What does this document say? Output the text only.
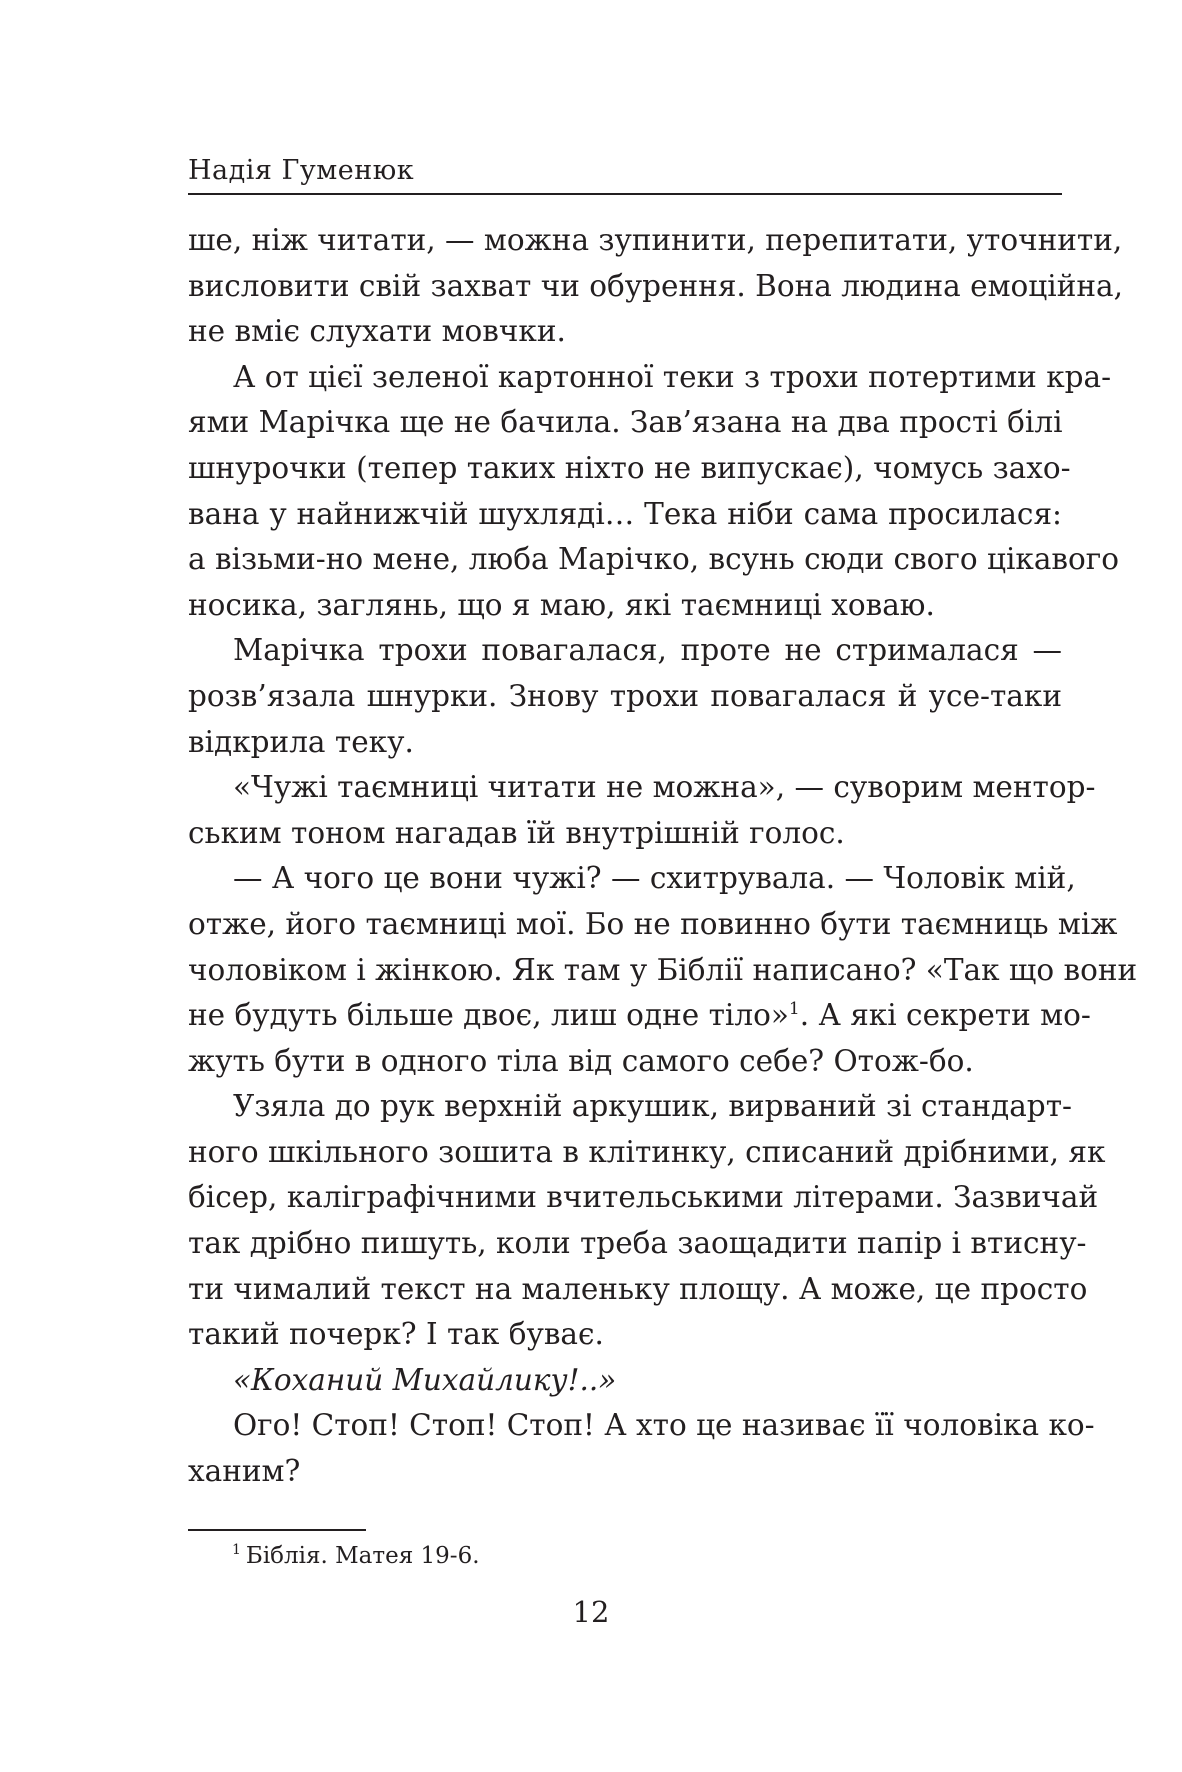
Надія Гуменюк
ше, ніж читати, — можна зупинити, перепитати, уточнити,
висловити свій захват чи обурення. Вона людина емоційна,
не вміє слухати мовчки.
А от цієї зеленої картонної теки з трохи потертими кра-
ями Марічка ще не бачила. Зав’язана на два прості білі
шнурочки (тепер таких ніхто не випускає), чомусь захо-
вана у найнижчій шухляді… Тека ніби сама просилася:
а візьми-но мене, люба Марічко, всунь сюди свого цікавого
носика, заглянь, що я маю, які таємниці ховаю.
Марічка трохи повагалася, проте не стрималася —
розв’язала шнурки. Знову трохи повагалася й усе-таки
відкрила теку.
«Чужі таємниці читати не можна», — суворим ментор-
ським тоном нагадав їй внутрішній голос.
— А чого це вони чужі? — схитрувала. — Чоловік мій,
отже, його таємниці мої. Бо не повинно бути таємниць між
чоловіком і жінкою. Як там у Біблії написано? «Так що вони
не будуть більше двоє, лиш одне тіло»$^1$. А які секрети мо-
жуть бути в одного тіла від самого себе? Отож-бо.
Узяла до рук верхній аркушик, вирваний зі стандарт-
ного шкільного зошита в клітинку, списаний дрібними, як
бісер, каліграфічними вчительськими літерами. Зазвичай
так дрібно пишуть, коли треба заощадити папір і втисну-
ти чималий текст на маленьку площу. А може, це просто
такий почерк? І так буває.
«Коханий Михайлику!..»
Ого! Стоп! Стоп! Стоп! А хто це називає її чоловіка ко-
ханим?
$^1$ Біблія. Матея 19-6.
12
